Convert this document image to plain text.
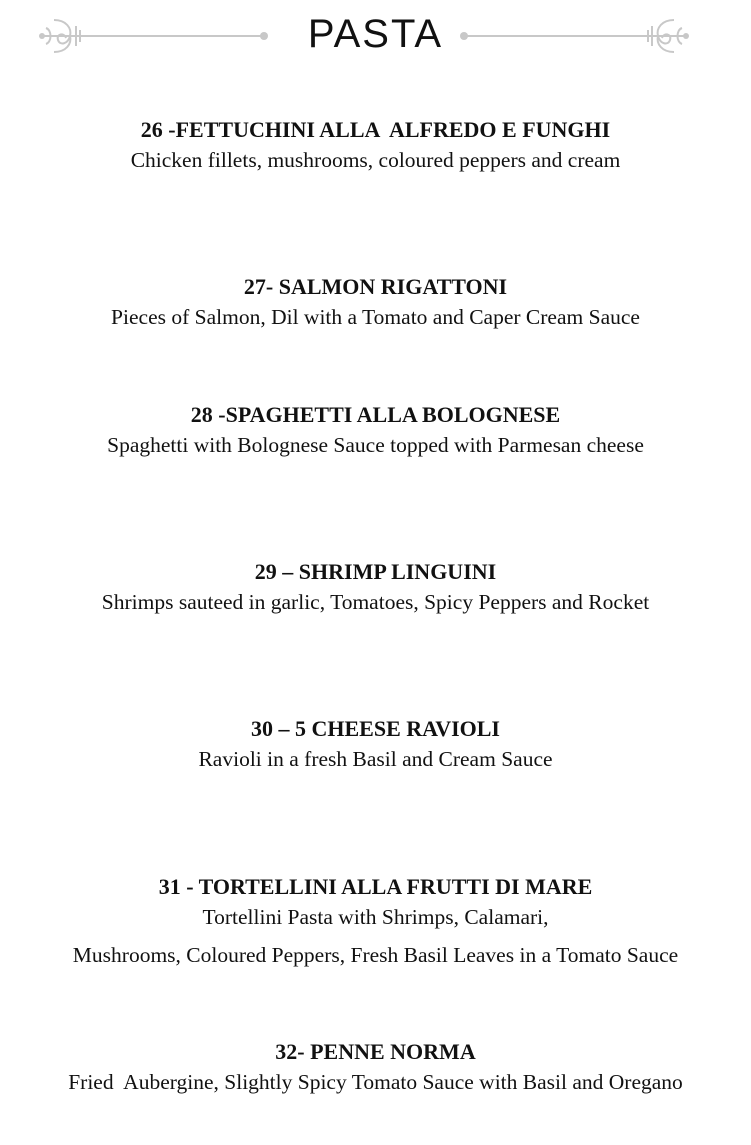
PASTA
26 -FETTUCHINI ALLA  ALFREDO E FUNGHI
Chicken fillets, mushrooms, coloured peppers and cream
27- SALMON RIGATTONI
Pieces of Salmon, Dil with a Tomato and Caper Cream Sauce
28 -SPAGHETTI ALLA BOLOGNESE
Spaghetti with Bolognese Sauce topped with Parmesan cheese
29 – SHRIMP LINGUINI
Shrimps sauteed in garlic, Tomatoes, Spicy Peppers and Rocket
30 – 5 CHEESE RAVIOLI
Ravioli in a fresh Basil and Cream Sauce
31 - TORTELLINI ALLA FRUTTI DI MARE
Tortellini Pasta with Shrimps, Calamari,
Mushrooms, Coloured Peppers, Fresh Basil Leaves in a Tomato Sauce
32- PENNE NORMA
Fried  Aubergine, Slightly Spicy Tomato Sauce with Basil and Oregano
